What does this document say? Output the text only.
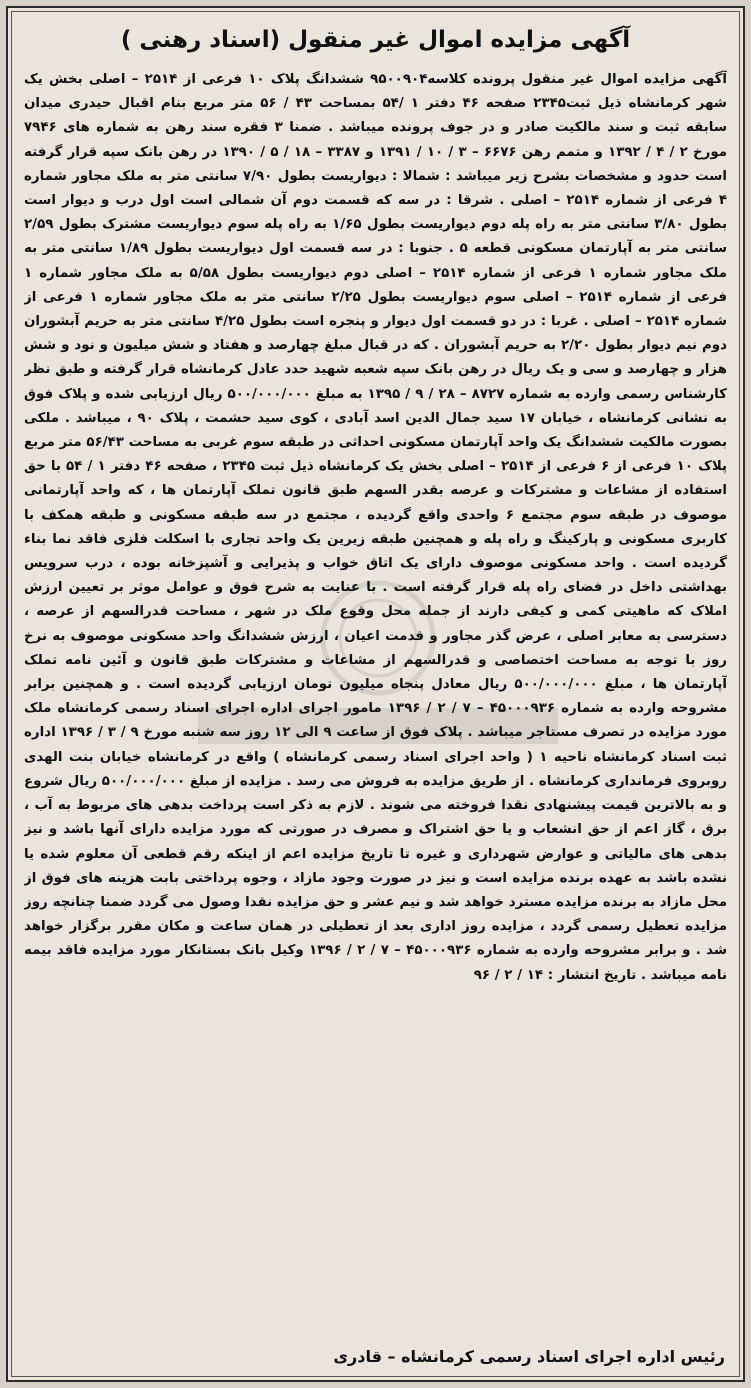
آگهی مزایده اموال غیر منقول (اسناد رهنی )
آگهی مزایده اموال غیر منقول پرونده کلاسه۹۵۰۰۹۰۴ ششدانگ پلاک ۱۰ فرعی از ۲۵۱۴ – اصلی بخش یک شهر کرمانشاه ذیل ثبت۲۳۴۵ صفحه ۴۶ دفتر ۱ /۵۴ بمساحت ۴۳ / ۵۶ متر مربع بنام اقبال حیدری میدان سابقه ثبت و سند مالکیت صادر و در جوف پرونده میباشد . ضمنا ۳ فقره سند رهن به شماره های ۷۹۴۶ مورخ ۲ / ۴ / ۱۳۹۲ و متمم رهن ۶۶۷۶ – ۳ / ۱۰ / ۱۳۹۱ و ۳۳۸۷ – ۱۸ / ۵ / ۱۳۹۰ در رهن بانک سپه قرار گرفته است حدود و مشخصات بشرح زیر میباشد : شمالا : دیواریست بطول ۷/۹۰ سانتی متر به ملک مجاور شماره ۴ فرعی از شماره ۲۵۱۴ – اصلی . شرقا : در سه که قسمت دوم آن شمالی است اول درب و دیوار است بطول ۳/۸۰ سانتی متر به راه پله دوم دیواریست بطول ۱/۶۵ به راه پله سوم دیواریست مشترک بطول ۲/۵۹ سانتی متر به آپارتمان مسکونی قطعه ۵ . جنوبا : در سه قسمت اول دیواریست بطول ۱/۸۹ سانتی متر به ملک مجاور شماره ۱ فرعی از شماره ۲۵۱۴ – اصلی دوم دیواریست بطول ۵/۵۸ به ملک مجاور شماره ۱ فرعی از شماره ۲۵۱۴ – اصلی سوم دیواریست بطول ۲/۲۵ سانتی متر به ملک مجاور شماره ۱ فرعی از شماره ۲۵۱۴ – اصلی . غربا : در دو قسمت اول دیوار و پنجره است بطول ۴/۲۵ سانتی متر به حریم آبشوران دوم نیم دیوار بطول ۲/۲۰ به حریم آبشوران . که در قبال مبلغ چهارصد و هفتاد و شش میلیون و نود و شش هزار و چهارصد و سی و یک ریال در رهن بانک سپه شعبه شهید حدد عادل کرمانشاه قرار گرفته و طبق نظر کارشناس رسمی وارده به شماره ۸۷۲۷ – ۲۸ / ۹ / ۱۳۹۵ به مبلغ ۵۰۰/۰۰۰/۰۰۰ ریال ارزیابی شده و پلاک فوق به نشانی کرمانشاه ، خیابان ۱۷ سید جمال الدین اسد آبادی ، کوی سید حشمت ، پلاک ۹۰ ، میباشد . ملکی بصورت مالکیت ششدانگ یک واحد آپارتمان مسکونی احداثی در طبقه سوم غربی به مساحت ۵۶/۴۳ متر مربع پلاک ۱۰ فرعی از ۶ فرعی از ۲۵۱۴ – اصلی بخش یک کرمانشاه ذیل ثبت ۲۳۴۵ ، صفحه ۴۶ دفتر ۱ / ۵۴ با حق استفاده از مشاعات و مشترکات و عرصه بقدر السهم طبق قانون تملک آپارتمان ها ، که واحد آپارتمانی موصوف در طبقه سوم مجتمع ۶ واحدی واقع گردیده ، مجتمع در سه طبقه مسکونی و طبقه همکف با کاربری مسکونی و پارکینگ و راه پله و همچنین طبقه زیرین یک واحد تجاری با اسکلت فلزی فاقد نما بناء گردیده است . واحد مسکونی موصوف دارای یک اتاق خواب و پذیرایی و آشپزخانه بوده ، درب سرویس بهداشتی داخل در فضای راه پله قرار گرفته است . با عنایت به شرح فوق و عوامل موثر بر تعیین ارزش املاک که ماهیتی کمی و کیفی دارند از جمله محل وقوع ملک در شهر ، مساحت قدرالسهم از عرصه ، دسترسی به معابر اصلی ، عرض گذر مجاور و قدمت اعیان ، ارزش ششدانگ واحد مسکونی موصوف به نرخ روز با توجه به مساحت اختصاصی و قدرالسهم از مشاعات و مشترکات طبق قانون و آئین نامه تملک آپارتمان ها ، مبلغ ۵۰۰/۰۰۰/۰۰۰ ریال معادل پنجاه میلیون تومان ارزیابی گردیده است . و همچنین برابر مشروحه وارده به شماره ۴۵۰۰۰۹۳۶ – ۷ / ۲ / ۱۳۹۶ مامور اجرای اداره اجرای اسناد رسمی کرمانشاه ملک مورد مزایده در تصرف مستاجر میباشد . پلاک فوق از ساعت ۹ الی ۱۲ روز سه شنبه مورخ ۹ / ۳ / ۱۳۹۶ اداره ثبت اسناد کرمانشاه ناحیه ۱ ( واحد اجرای اسناد رسمی کرمانشاه ) واقع در کرمانشاه خیابان بنت الهدی روبروی فرمانداری کرمانشاه . از طریق مزایده به فروش می رسد . مزایده از مبلغ ۵۰۰/۰۰۰/۰۰۰ ریال شروع و به بالاترین قیمت پیشنهادی نقدا فروخته می شوند . لازم به ذکر است پرداخت بدهی های مربوط به آب ، برق ، گاز اعم از حق انشعاب و یا حق اشتراک و مصرف در صورتی که مورد مزایده دارای آنها باشد و نیز بدهی های مالیاتی و عوارض شهرداری و غیره تا تاریخ مزایده اعم از اینکه رقم قطعی آن معلوم شده یا نشده باشد به عهده برنده مزایده است و نیز در صورت وجود مازاد ، وجوه پرداختی بابت هزینه های فوق از محل مازاد به برنده مزایده مسترد خواهد شد و نیم عشر و حق مزایده نقدا وصول می گردد ضمنا چنانچه روز مزایده تعطیل رسمی گردد ، مزایده روز اداری بعد از تعطیلی در همان ساعت و مکان مقرر برگزار خواهد شد . و برابر مشروحه وارده به شماره ۴۵۰۰۰۹۳۶ – ۷ / ۲ / ۱۳۹۶ وکیل بانک بستانکار مورد مزایده فاقد بیمه نامه میباشد . تاریخ انتشار : ۱۴ / ۲ / ۹۶
رئیس اداره اجرای اسناد رسمی کرمانشاه – قادری
